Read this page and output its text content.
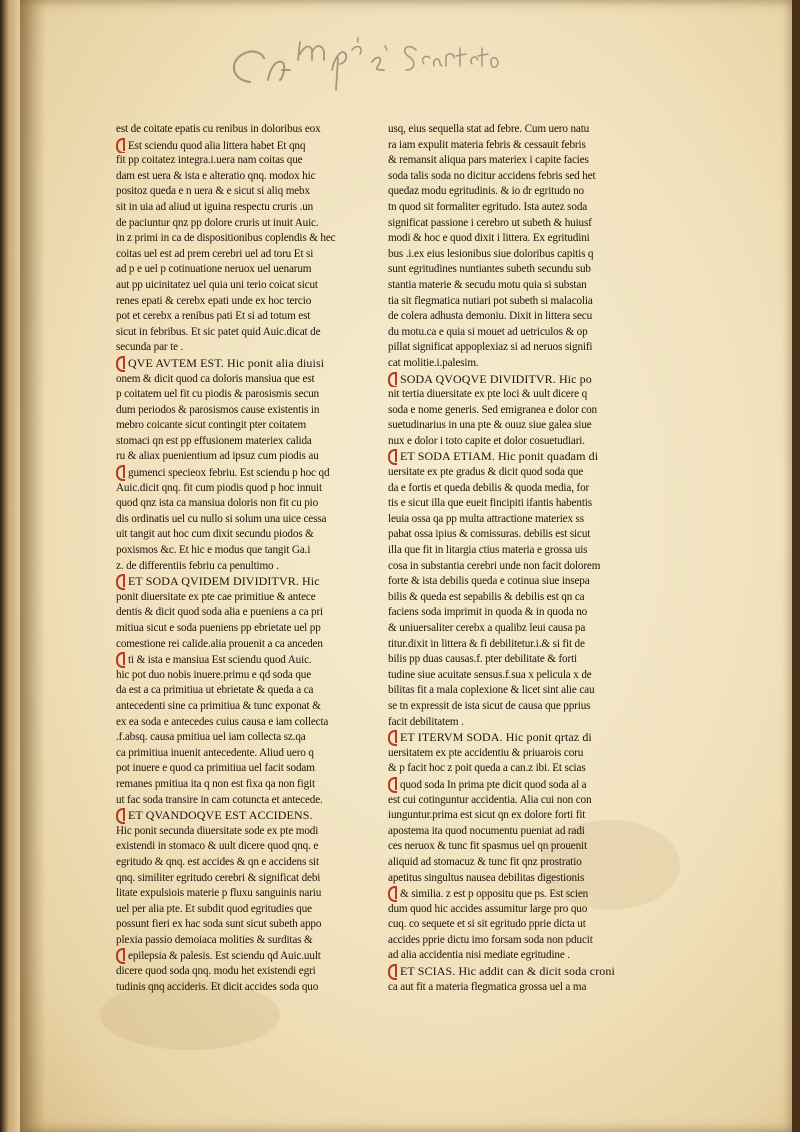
est de coitate epatis cu renibus in doloribus eox
Est sciendu quod alia littera habet Et qnq
fit pp coitatez integra.i.uera nam coitas que
dam est uera & ista e alteratio qnq. modox hic
positoz queda e n uera & e sicut si aliq mebx
sit in uia ad aliud ut iguina respectu cruris .un
de paciuntur qnz pp dolore cruris ut inuit Auic.
in z primi in ca de dispositionibus coplendis & hec
coitas uel est ad prem cerebri uel ad toru Et si
ad p e uel p cotinuatione neruox uel uenarum
aut pp uicinitatez uel quia uni terio coicat sicut
renes epati & cerebx epati unde ex hoc tercio
pot et cerebx a renibus pati Et si ad totum est
sicut in febribus. Et sic patet quid Auic.dicat de
secunda par te .
QVE AVTEM EST. Hic ponit alia diuisi
onem & dicit quod ca doloris mansiua que est
p coitatem uel fit cu piodis & parosismis secun
dum periodos & parosismos cause existentis in
mebro coicante sicut contingit pter coitatem
stomaci qn est pp effusionem materiex calida
ru & aliax puenientium ad ipsuz cum piodis au
gumenci specieox febriu. Est sciendu p hoc qd
Auic.dicit qnq. fit cum piodis quod p hoc innuit
quod qnz ista ca mansiua doloris non fit cu pio
dis ordinatis uel cu nullo si solum una uice cessa
uit tangit aut hoc cum dixit secundu piodos &
poxismos &c. Et hic e modus que tangit Ga.i
z. de differentiis febriu ca penultimo .
ET SODA QVIDEM DIVIDITVR. Hic
ponit diuersitate ex pte cae primitiue & antece
dentis & dicit quod soda alia e pueniens a ca pri
mitiua sicut e soda pueniens pp ebrietate uel pp
comestione rei calide.alia prouenit a ca anceden
ti & ista e mansiua Est sciendu quod Auic.
hic pot duo nobis inuere.primu e qd soda que
da est a ca primitiua ut ebrietate & queda a ca
antecedenti sine ca primitiua & tunc exponat &
ex ea soda e antecedes cuius causa e iam collecta
.f.absq. causa pmitiua uel iam collecta sz.qa
ca primitiua inuenit antecedente. Aliud uero q
pot inuere e quod ca primitiua uel facit sodam
remanes pmitiua ita q non est fixa qa non figit
ut fac soda transire in cam cotuncta et antecede.
ET QVANDOQVE EST ACCIDENS.
Hic ponit secunda diuersitate sode ex pte modi
existendi in stomaco & uult dicere quod qnq. e
egritudo & qnq. est accides & qn e accidens sit
qnq. similiter egritudo cerebri & significat debi
litate expulsiois materie p fluxu sanguinis nariu
uel per alia pte. Et subdit quod egritudies que
possunt fieri ex hac soda sunt sicut subeth appo
plexia passio demoiaca molities & surditas &
epilepsia & palesis. Est sciendu qd Auic.uult
dicere quod soda qnq. modu het existendi egri
tudinis qnq accideris. Et dicit accides soda quo
usq, eius sequella stat ad febre. Cum uero natu
ra iam expulit materia febris & cessauit febris
& remansit aliqua pars materiex i capite facies
soda talis soda no dicitur accidens febris sed het
quedaz modu egritudinis. & io dr egritudo no
tn quod sit formaliter egritudo. Ista autez soda
significat passione i cerebro ut subeth & huiusf
modi & hoc e quod dixit i littera. Ex egritudini
bus .i.ex eius lesionibus siue doloribus capitis q
sunt egritudines nuntiantes subeth secundu sub
stantia materie & secudu motu quia si substan
tia sit flegmatica nutiari pot subeth si malacolia
de colera adhusta demoniu. Dixit in littera secu
du motu.ca e quia si mouet ad uetriculos & op
pillat significat appoplexiaz si ad neruos signifi
cat molitie.i.palesim.
SODA QVOQVE DIVIDITVR. Hic po
nit tertia diuersitate ex pte loci & uult dicere q
soda e nome generis. Sed emigranea e dolor con
suetudinarius in una pte & ouuz siue galea siue
nux e dolor i toto capite et dolor cosuetudiari.
ET SODA ETIAM. Hic ponit quadam di
uersitate ex pte gradus & dicit quod soda que
da e fortis et queda debilis & quoda media, for
tis e sicut illa que eueit fincipiti ifantis habentis
leuia ossa qa pp multa attractione materiex ss
pabat ossa ipius & comissuras. debilis est sicut
illa que fit in litargia ctius materia e grossa uis
cosa in substantia cerebri unde non facit dolorem
forte & ista debilis queda e cotinua siue insepa
bilis & queda est sepabilis & debilis est qn ca
faciens soda imprimit in quoda & in quoda no
& uniuersaliter cerebx a qualibz leui causa pa
titur.dixit in littera & fi debilitetur.i.& si fit de
bilis pp duas causas.f. pter debilitate & forti
tudine siue acuitate sensus.f.sua x pelicula x de
bilitas fit a mala coplexione & licet sint alie cau
se tn expressit de ista sicut de causa que pprius
facit debilitatem .
ET ITERVM SODA. Hic ponit qrtaz di
uersitatem ex pte accidentiu & priuarois coru
& p facit hoc z poit queda a can.z ibi. Et scias
quod soda In prima pte dicit quod soda al a
est cui cotinguntur accidentia. Alia cui non con
iunguntur.prima est sicut qn ex dolore forti fit
apostema ita quod nocumentu pueniat ad radi
ces neruox & tunc fit spasmus uel qn prouenit
aliquid ad stomacuz & tunc fit qnz prostratio
apetitus singultus nausea debilitas digestionis
& similia. z est p oppositu que ps. Est scien
dum quod hic accides assumitur large pro quo
cuq. co sequete et si sit egritudo pprie dicta ut
accides pprie dictu imo forsam soda non pducit
ad alia accidentia nisi mediate egritudine .
ET SCIAS. Hic addit can & dicit soda croni
ca aut fit a materia flegmatica grossa uel a ma
